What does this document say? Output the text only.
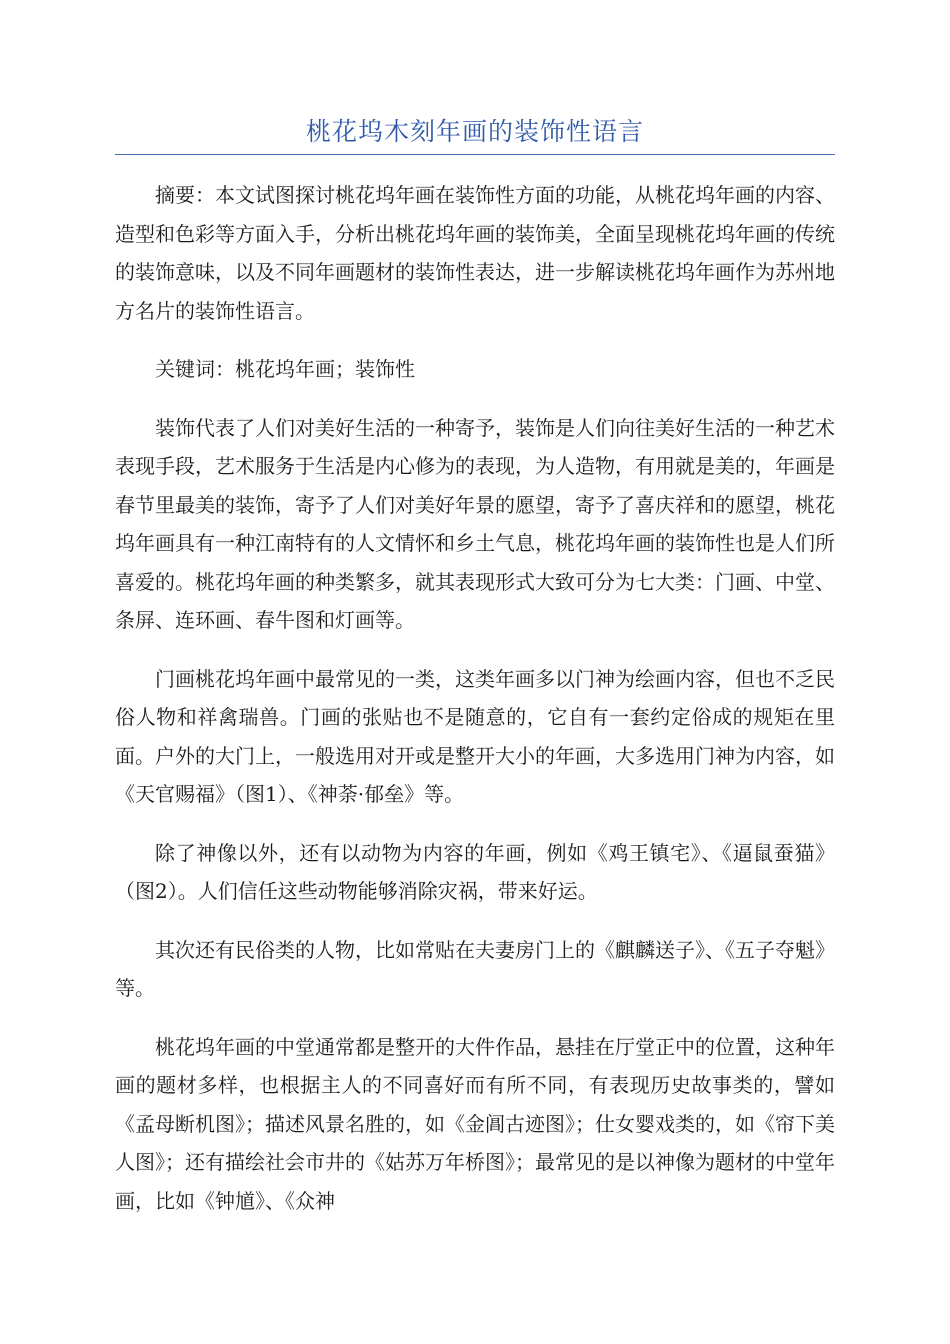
桃花坞木刻年画的装饰性语言

摘要：本文试图探讨桃花坞年画在装饰性方面的功能，从桃花坞年画的内容、造型和色彩等方面入手，分析出桃花坞年画的装饰美，全面呈现桃花坞年画的传统的装饰意味，以及不同年画题材的装饰性表达，进一步解读桃花坞年画作为苏州地方名片的装饰性语言。

关键词：桃花坞年画；装饰性

装饰代表了人们对美好生活的一种寄予，装饰是人们向往美好生活的一种艺术表现手段，艺术服务于生活是内心修为的表现，为人造物，有用就是美的，年画是春节里最美的装饰，寄予了人们对美好年景的愿望，寄予了喜庆祥和的愿望，桃花坞年画具有一种江南特有的人文情怀和乡土气息，桃花坞年画的装饰性也是人们所喜爱的。桃花坞年画的种类繁多，就其表现形式大致可分为七大类：门画、中堂、条屏、连环画、春牛图和灯画等。

门画桃花坞年画中最常见的一类，这类年画多以门神为绘画内容，但也不乏民俗人物和祥禽瑞兽。门画的张贴也不是随意的，它自有一套约定俗成的规矩在里面。户外的大门上，一般选用对开或是整开大小的年画，大多选用门神为内容，如《天官赐福》（图1）、《神荼·郁垒》等。

除了神像以外，还有以动物为内容的年画，例如《鸡王镇宅》、《逼鼠蚕猫》（图2）。人们信任这些动物能够消除灾祸，带来好运。

其次还有民俗类的人物，比如常贴在夫妻房门上的《麒麟送子》、《五子夺魁》等。

桃花坞年画的中堂通常都是整开的大件作品，悬挂在厅堂正中的位置，这种年画的题材多样，也根据主人的不同喜好而有所不同，有表现历史故事类的，譬如《孟母断机图》；描述风景名胜的，如《金阊古迹图》；仕女婴戏类的，如《帘下美人图》；还有描绘社会市井的《姑苏万年桥图》；最常见的是以神像为题材的中堂年画，比如《钟馗》、《众神
